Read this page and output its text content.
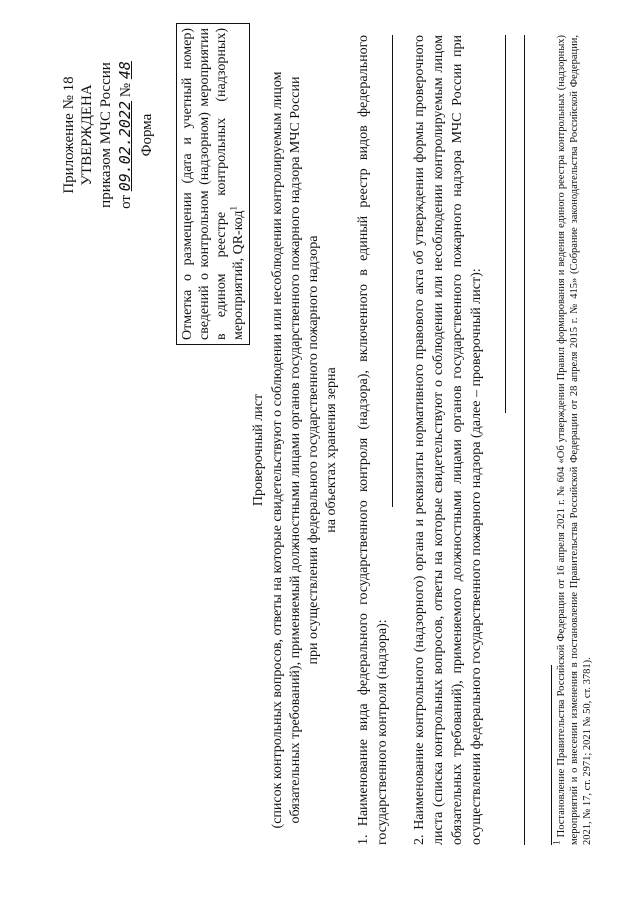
Приложение № 18 УТВЕРЖДЕНА приказом МЧС России от 09.02.2022 № 48
Форма Отметка о размещении (дата и учетный номер) сведений о контрольном (надзорном) мероприятии в едином реестре контрольных (надзорных) мероприятий, QR-код$^1$
Проверочный лист (список контрольных вопросов, ответы на которые свидетельствуют о соблюдении или несоблюдении контролируемым лицом обязательных требований), применяемый должностными лицами органов государственного пожарного надзора МЧС России при осуществлении федерального государственного пожарного надзора на объектах хранения зерна 1. Наименование вида федерального государственного контроля (надзора), включенного в единый реестр видов федерального государственного контроля (надзора): 2. Наименование контрольного (надзорного) органа и реквизиты нормативного правового акта об утверждении формы проверочного листа (списка контрольных вопросов, ответы на которые свидетельствуют о соблюдении или несоблюдении контролируемым лицом обязательных требований), применяемого должностными лицами органов государственного пожарного надзора МЧС России при осуществлении федерального государственного пожарного надзора (далее – проверочный лист):	$^1$ Постановление Правительства Российской Федерации от 16 апреля 2021 г. № 604 «Об утверждении Правил формирования и ведения единого реестра контрольных (надзорных) мероприятий и о внесении изменения в постановление Правительства Российской Федерации от 28 апреля 2015 г. № 415» (Собрание законодательства Российской Федерации, 2021, № 17, ст. 2971; 2021 № 50, ст. 3781).
